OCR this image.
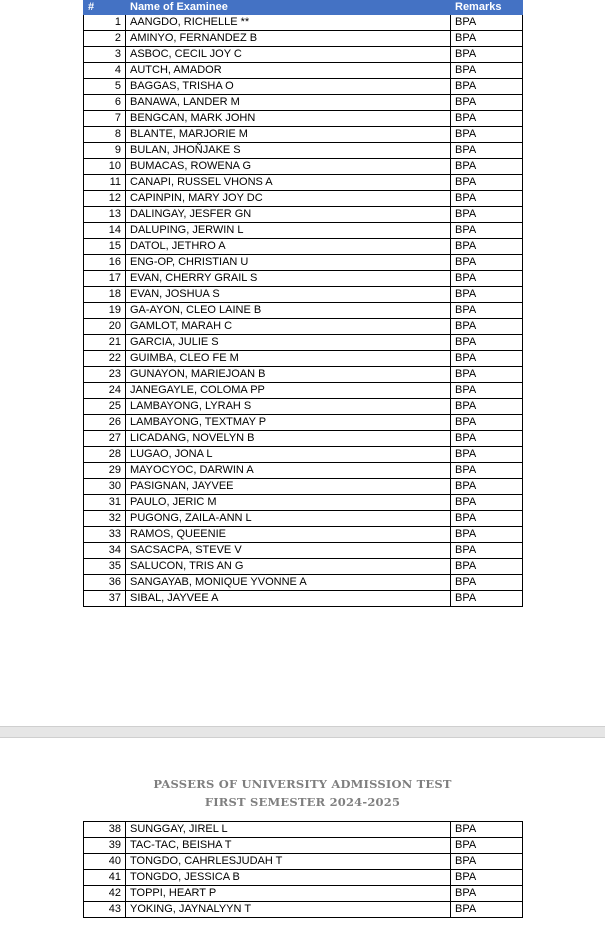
#	Name of Examinee	Remarks
1	AANGDO, RICHELLE **	BPA
2	AMINYO, FERNANDEZ B	BPA
3	ASBOC, CECIL JOY C	BPA
4	AUTCH, AMADOR	BPA
5	BAGGAS, TRISHA O	BPA
6	BANAWA, LANDER M	BPA
7	BENGCAN, MARK JOHN	BPA
8	BLANTE, MARJORIE M	BPA
9	BULAN, JHOÑJAKE S	BPA
10	BUMACAS, ROWENA G	BPA
11	CANAPI, RUSSEL VHONS A	BPA
12	CAPINPIN, MARY JOY DC	BPA
13	DALINGAY, JESFER GN	BPA
14	DALUPING, JERWIN L	BPA
15	DATOL, JETHRO A	BPA
16	ENG-OP, CHRISTIAN U	BPA
17	EVAN, CHERRY GRAIL S	BPA
18	EVAN, JOSHUA S	BPA
19	GA-AYON, CLEO LAINE B	BPA
20	GAMLOT, MARAH C	BPA
21	GARCIA, JULIE S	BPA
22	GUIMBA, CLEO FE M	BPA
23	GUNAYON, MARIEJOAN B	BPA
24	JANEGAYLE, COLOMA PP	BPA
25	LAMBAYONG, LYRAH S	BPA
26	LAMBAYONG, TEXTMAY P	BPA
27	LICADANG, NOVELYN B	BPA
28	LUGAO, JONA L	BPA
29	MAYOCYOC, DARWIN A	BPA
30	PASIGNAN, JAYVEE	BPA
31	PAULO, JERIC M	BPA
32	PUGONG, ZAILA-ANN L	BPA
33	RAMOS, QUEENIE	BPA
34	SACSACPA, STEVE V	BPA
35	SALUCON, TRIS AN G	BPA
36	SANGAYAB, MONIQUE YVONNE A	BPA
37	SIBAL, JAYVEE A	BPA
PASSERS OF UNIVERSITY ADMISSION TEST
FIRST SEMESTER 2024-2025
38	SUNGGAY, JIREL L	BPA
39	TAC-TAC, BEISHA T	BPA
40	TONGDO, CAHRLESJUDAH T	BPA
41	TONGDO, JESSICA B	BPA
42	TOPPI, HEART P	BPA
43	YOKING, JAYNALYYN T	BPA
